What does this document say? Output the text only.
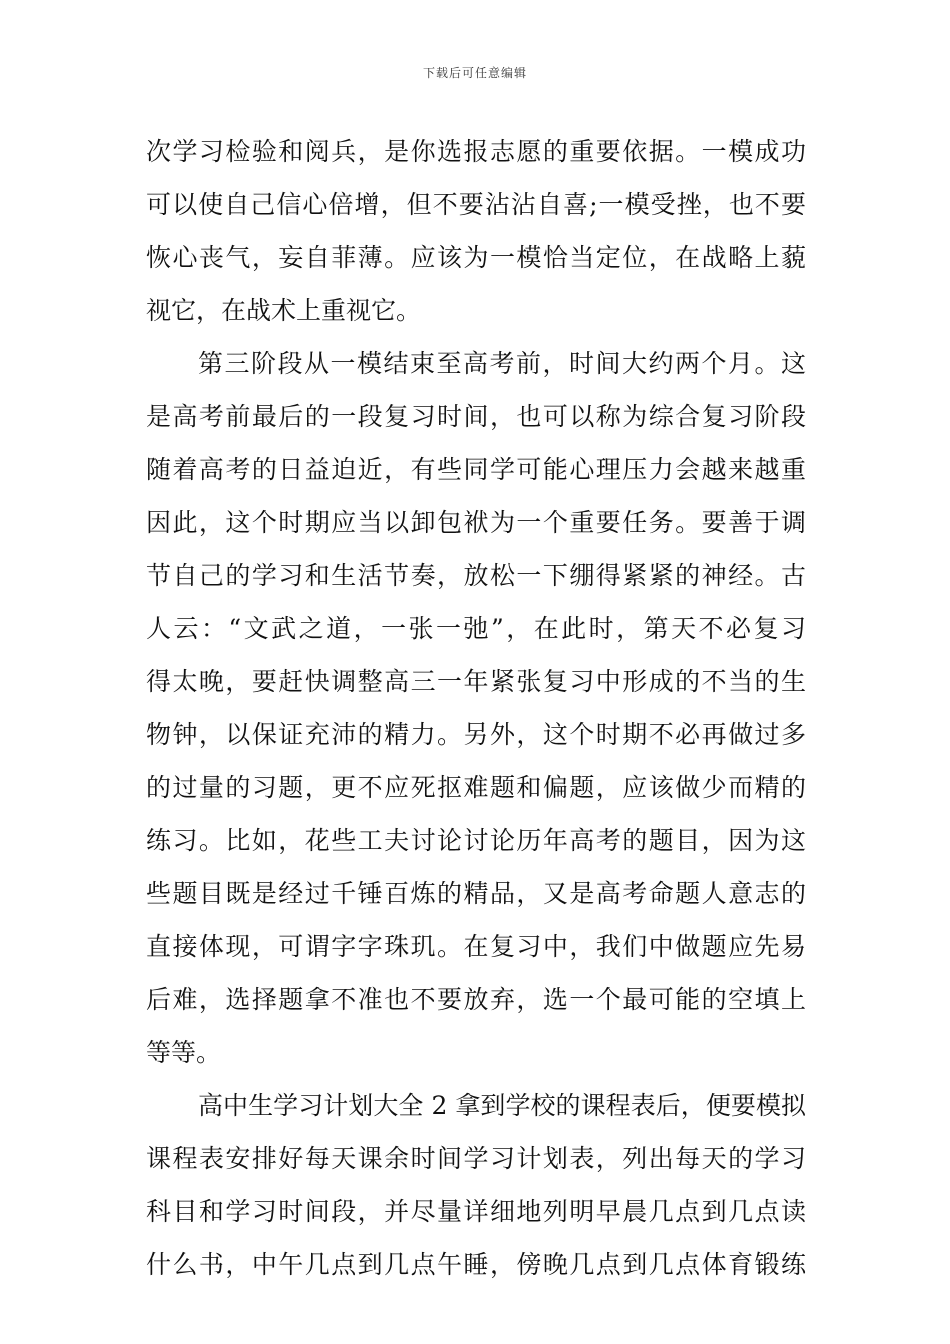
下载后可任意编辑
次学习检验和阅兵，是你选报志愿的重要依据。一模成功
可以使自己信心倍增，但不要沾沾自喜;一模受挫，也不要
恢心丧气，妄自菲薄。应该为一模恰当定位，在战略上藐
视它，在战术上重视它。
第三阶段从一模结束至高考前，时间大约两个月。这
是高考前最后的一段复习时间，也可以称为综合复习阶段
随着高考的日益迫近，有些同学可能心理压力会越来越重
因此，这个时期应当以卸包袱为一个重要任务。要善于调
节自己的学习和生活节奏，放松一下绷得紧紧的神经。古
人云：“文武之道，一张一弛”，在此时，第天不必复习
得太晚，要赶快调整高三一年紧张复习中形成的不当的生
物钟，以保证充沛的精力。另外，这个时期不必再做过多
的过量的习题，更不应死抠难题和偏题，应该做少而精的
练习。比如，花些工夫讨论讨论历年高考的题目，因为这
些题目既是经过千锤百炼的精品，又是高考命题人意志的
直接体现，可谓字字珠玑。在复习中，我们中做题应先易
后难，选择题拿不准也不要放弃，选一个最可能的空填上
等等。
高中生学习计划大全 2 拿到学校的课程表后，便要模拟
课程表安排好每天课余时间学习计划表，列出每天的学习
科目和学习时间段，并尽量详细地列明早晨几点到几点读
什么书，中午几点到几点午睡，傍晚几点到几点体育锻练
